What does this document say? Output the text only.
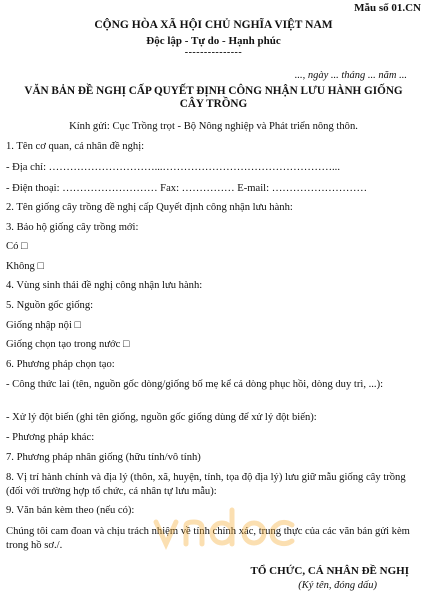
Mẫu số 01.CN
CỘNG HÒA XÃ HỘI CHỦ NGHĨA VIỆT NAM
Độc lập - Tự do - Hạnh phúc
---------------
..., ngày ... tháng ... năm ...
VĂN BẢN ĐỀ NGHỊ CẤP QUYẾT ĐỊNH CÔNG NHẬN LƯU HÀNH GIỐNG
CÂY TRỒNG
Kính gửi: Cục Trồng trọt - Bộ Nông nghiệp và Phát triển nông thôn.
1. Tên cơ quan, cá nhân đề nghị:
- Địa chỉ: …………………………...…………………………………………...
- Điện thoại: ……………………… Fax: …………… E-mail: ………………………
2. Tên giống cây trồng đề nghị cấp Quyết định công nhận lưu hành:
3. Bảo hộ giống cây trồng mới:
Có □
Không □
4. Vùng sinh thái đề nghị công nhận lưu hành:
5. Nguồn gốc giống:
Giống nhập nội □
Giống chọn tạo trong nước □
6. Phương pháp chọn tạo:
- Công thức lai (tên, nguồn gốc dòng/giống bố mẹ kể cả dòng phục hồi, dòng duy trì, ...):
- Xử lý đột biến (ghi tên giống, nguồn gốc giống dùng để xử lý đột biến):
- Phương pháp khác:
7. Phương pháp nhân giống (hữu tính/vô tính)
8. Vị trí hành chính và địa lý (thôn, xã, huyện, tỉnh, tọa độ địa lý) lưu giữ mẫu giống cây trồng (đối với trường hợp tổ chức, cá nhân tự lưu mẫu):
9. Văn bản kèm theo (nếu có):
Chúng tôi cam đoan và chịu trách nhiệm về tính chính xác, trung thực của các văn bản gửi kèm trong hồ sơ./.
TỔ CHỨC, CÁ NHÂN ĐỀ NGHỊ
(Ký tên, đóng dấu)
